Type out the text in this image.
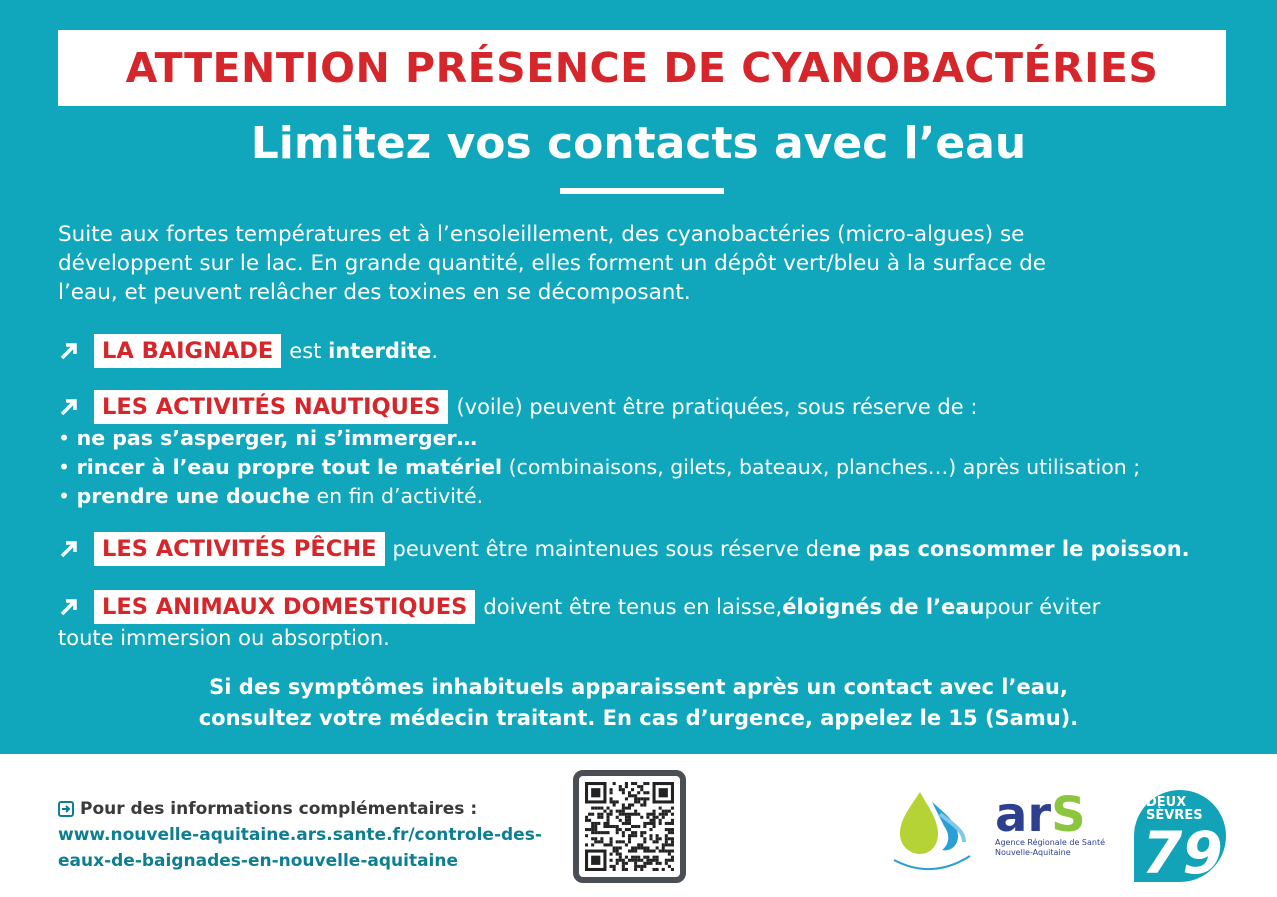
ATTENTION PRÉSENCE DE CYANOBACTÉRIES
Limitez vos contacts avec l’eau

Suite aux fortes températures et à l’ensoleillement, des cyanobactéries (micro-algues) se

développent sur le lac. En grande quantité, elles forment un dépôt vert/bleu à la surface de

l’eau, et peuvent relâcher des toxines en se décomposant.

LA BAIGNADE est
interdite .
LES ACTIVITÉS NAUTIQUES (voile) peuvent être pratiquées, sous réserve de :
• ne pas s’asperger, ni s’immerger…
• rincer à l’eau propre tout le matériel (combinaisons, gilets, bateaux, planches…) après utilisation ;
• prendre une douche en fin d’activité.
LES ACTIVITÉS PÊCHE peuvent être maintenues sous réserve de ne pas consommer le poisson.
LES ANIMAUX DOMESTIQUES doivent être tenus en laisse, éloignés de l’eau pour éviter
toute immersion ou absorption.

Si des symptômes inhabituels apparaissent après un contact avec l’eau,

consultez votre médecin traitant. En cas d’urgence, appelez le 15 (Samu).

Pour des informations complémentaires :
www.nouvelle-aquitaine.ars.sante.fr/controle-des-
eaux-de-baignades-en-nouvelle-aquitaine
ar S
Agence Régionale de Santé
Nouvelle-Aquitaine
DEUX
SÈVRES
79
